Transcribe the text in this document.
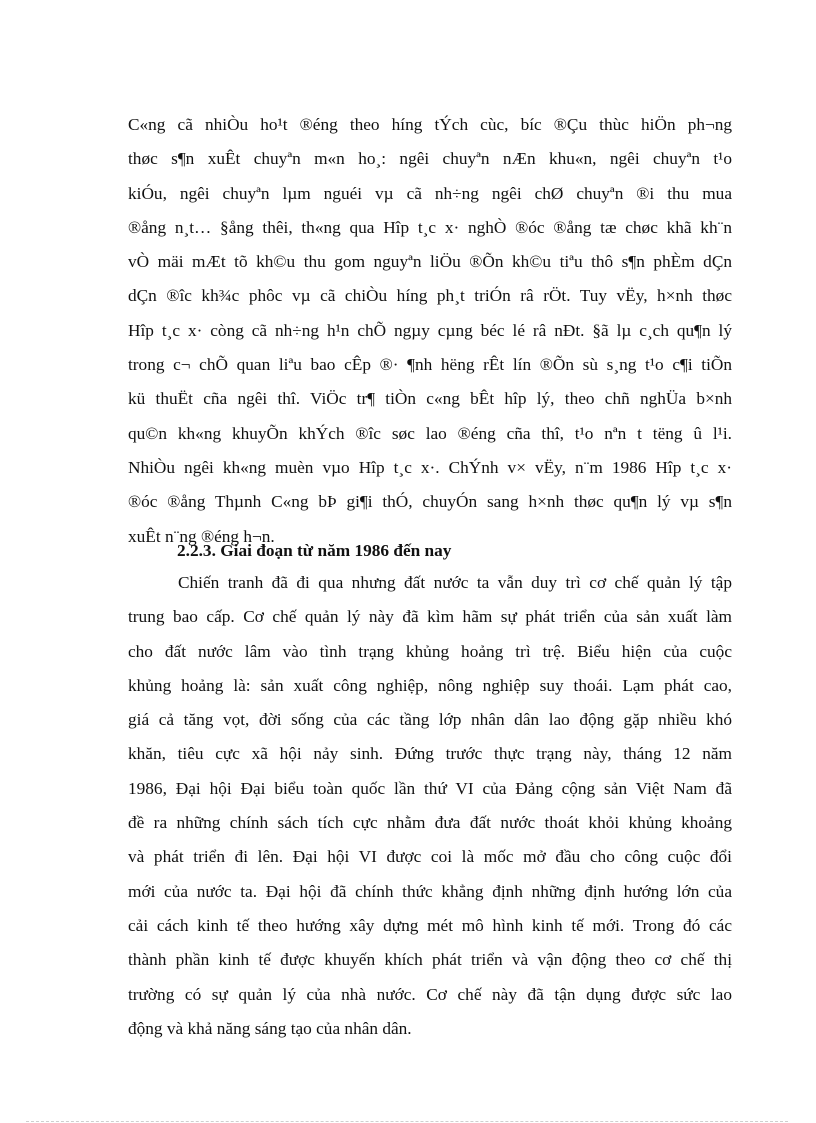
C«ng cã nhiÒu ho¹t ®éng theo híng tÝch cùc, bíc ®Çu thùc hiÖn ph¬ng
thøc s¶n xuÊt chuyªn m«n ho¸: ngêi chuyªn nÆn khu«n, ngêi chuyªn t¹o
kiÓu, ngêi chuyªn lµm nguéi vµ cã nh÷ng ngêi chØ chuyªn ®i thu mua
®ång n¸t… §ång thêi, th«ng qua Hîp t¸c x· nghÒ ®óc ®ång tæ chøc khã kh¨n
vÒ mäi mÆt tõ kh©u thu gom nguyªn liÖu ®Õn kh©u tiªu thô s¶n phÈm dÇn
dÇn ®îc kh¾c phôc vµ cã chiÒu híng ph¸t triÓn râ rÖt. Tuy vËy, h×nh thøc
Hîp t¸c x· còng cã nh÷ng h¹n chÕ ngµy cµng béc lé râ nÐt. §ã lµ c¸ch qu¶n lý
trong c¬ chÕ quan liªu bao cÊp ®· ¶nh hëng rÊt lín ®Õn sù s¸ng t¹o c¶i tiÕn
kü thuËt cña ngêi thî. ViÖc tr¶ tiÒn c«ng bÊt hîp lý, theo chñ nghÜa b×nh
qu©n kh«ng khuyÕn khÝch ®îc søc lao ®éng cña thî, t¹o nªn t tëng û l¹i.
NhiÒu ngêi kh«ng muèn vµo Hîp t¸c x·. ChÝnh v× vËy, n¨m 1986 Hîp t¸c x·
®óc ®ång Thµnh C«ng bÞ gi¶i thÓ, chuyÓn sang h×nh thøc qu¶n lý vµ s¶n
xuÊt n¨ng ®éng h¬n.
2.2.3. Giai đoạn từ năm 1986 đến nay
Chiến tranh đã đi qua nhưng đất nước ta vẫn duy trì cơ chế quản lý tập
trung bao cấp. Cơ chế quản lý này đã kìm hãm sự phát triển của sản xuất làm
cho đất nước lâm vào tình trạng khủng hoảng trì trệ. Biểu hiện của cuộc
khủng hoảng là: sản xuất công nghiệp, nông nghiệp suy thoái. Lạm phát cao,
giá cả tăng vọt, đời sống của các tầng lớp nhân dân lao động gặp nhiều khó
khăn, tiêu cực xã hội nảy sinh. Đứng trước thực trạng này, tháng 12 năm
1986, Đại hội Đại biểu toàn quốc lần thứ VI của Đảng cộng sản Việt Nam đã
đề ra những chính sách tích cực nhằm đưa đất nước thoát khỏi khủng khoảng
và phát triển đi lên. Đại hội VI được coi là mốc mở đầu cho công cuộc đổi
mới của nước ta. Đại hội đã chính thức khẳng định những định hướng lớn của
cải cách kinh tế theo hướng xây dựng mét mô hình kinh tế mới. Trong đó các
thành phần kinh tế được khuyến khích phát triển và vận động theo cơ chế thị
trường có sự quản lý của nhà nước. Cơ chế này đã tận dụng được sức lao
động và khả năng sáng tạo của nhân dân.
